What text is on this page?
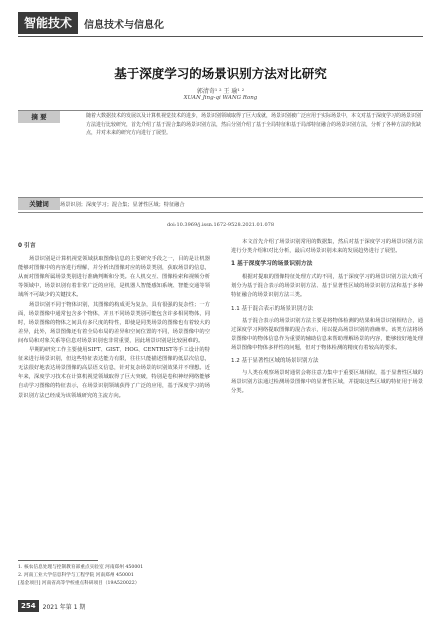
智能技术	信息技术与信息化
基于深度学习的场景识别方法对比研究
郭清奇¹ ² 王 瑜¹ ²
XUAN Jing-qi WANG Rong
摘 要	随着大数据技术的发展以及计算机视觉技术的进步，场景识别领域取得了巨大成就，场景识别被广泛应用于实际场景中，本文对基于深度学习的场景识别方法进行比较研究，首先介绍了基于混合集的场景识别方法，然后分别介绍了基于全局特征和基于局部特征融合的场景识别方法，分析了各种方法的优缺点，并对未来的研究方向进行了展望。
关键词	场景识别；深度学习；混合集；显著性区域；特征融合
doi:10.3969/j.issn.1672-9528.2021.01.078
0 引言

场景识别是计算机视觉领域获取图像信息的主要研究手段之一，目的是让机器能够对图像中的内容进行理解，并分析出图像对应的场景类别，获取场景的信息，从而对图像所属场景类别进行准确判断和分类。在人机交互、图像检索和视频分析等领域中，场景识别有着非常广泛的应用，是机器人智能感知系统、智能交通等领域所不可缺少的关键技术。

场景识别不同于物体识别，其图像的构成更为复杂，具有很强的复杂性；一方面，场景图像中通常包含多个物体，并且不同场景类别可能包含许多相同物体，同时，场景图像的物体之间具有多尺度的特性，即使是同类场景的图像也有着较大的差异，此外，场景图像还有着全局布局的差异和空间位置的不同，场景图像中的空间布局和对象关系等信息对场景识别也非常重要，因此场景识别是比较困难的。

早期的研究工作主要使用SIFT、GIST、HOG、CENTRIST等手工设计的特征来进行场景识别，但这些特征表达能力有限，往往只能描述图像的低层次信息，无法很好地表达场景图像的高层语义信息，针对复杂场景的识别效果并不理想。近年来，深度学习技术在计算机视觉领域取得了巨大突破，特别是卷积神经网络能够自动学习图像的特征表示，在场景识别领域获得了广泛的应用，基于深度学习的场景识别方法已经成为该领域研究的主流方向。

本文首先介绍了场景识别常用的数据集，然后对基于深度学习的场景识别方法进行分类介绍和对比分析，最后对场景识别未来的发展趋势进行了展望。

1 基于深度学习的场景识别方法

根据对提取的图像特征处理方式的不同，基于深度学习的场景识别方法大致可划分为基于混合表示的场景识别方法、基于显著性区域的场景识别方法和基于多种特征融合的场景识别方法三类。

1.1 基于混合表示的场景识别方法

基于混合表示的场景识别方法主要是将物体检测的结果和场景识别相结合，通过深度学习网络提取图像的混合表示，用以提高场景识别的准确率。该类方法将场景图像中的物体信息作为重要的辅助信息来帮助理解场景的内容，能够较好地处理场景图像中物体多样性的问题，但对于物体检测的精度有着较高的要求。

1.2 基于显著性区域的场景识别方法

与人类在观察场景时通常会将注意力集中于重要区域相似，基于显著性区域的场景识别方法通过检测场景图像中的显著性区域，并提取这些区域的特征用于场景分类。

1. 核农信息处理与控制教育部重点实验室 河南郑州 450001
2. 河南工业大学信息科学与工程学院 河南郑州 450001
[基金项目] 河南省高等学校重点科研项目（19A520022）
254	2021 年第 1 期
